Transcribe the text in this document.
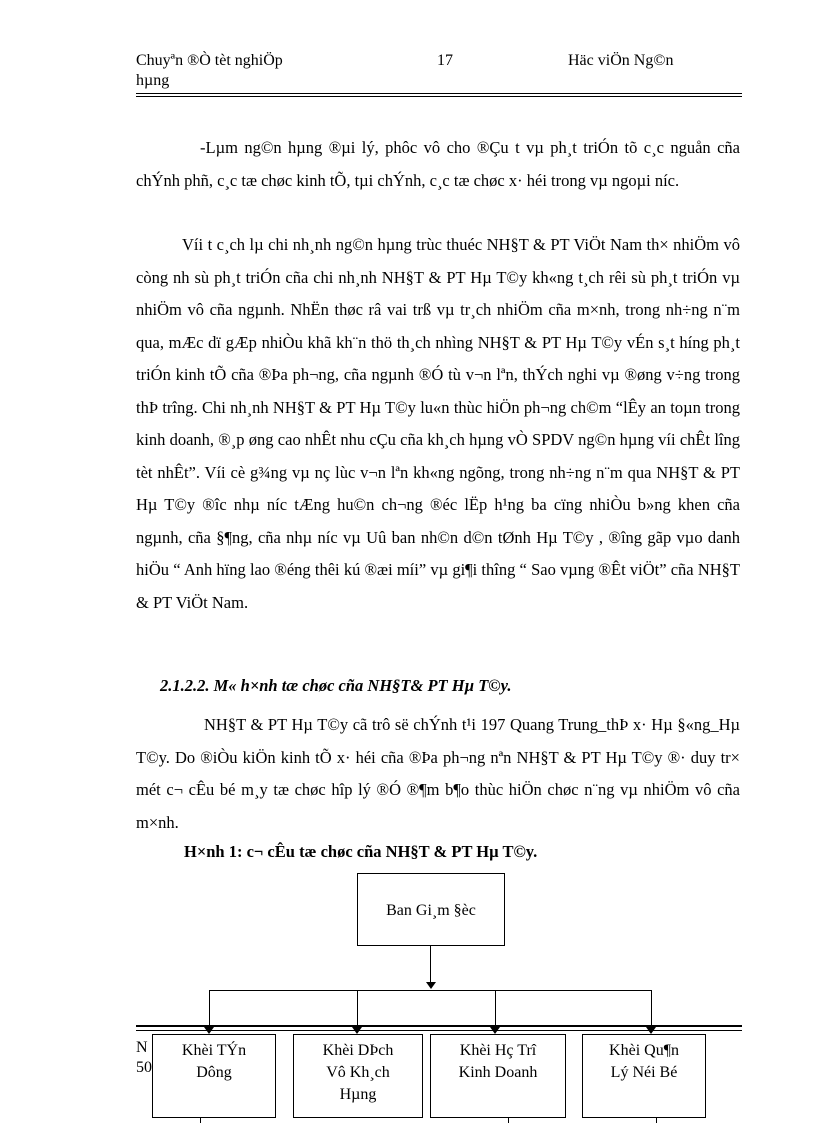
Chuyªn ®Ò tèt nghiÖp
hµng
17	Häc viÖn Ng©n

-Lµm ng©n hµng ®µi lý, phôc vô cho ®Çu t vµ ph¸t triÓn tõ c¸c nguån cña chÝnh phñ, c¸c tæ chøc kinh tÕ, tµi chÝnh, c¸c tæ chøc x· héi trong vµ ngoµi níc.

Víi t c¸ch lµ chi nh¸nh ng©n hµng trùc thuéc NH§T & PT ViÖt Nam th× nhiÖm vô còng nh sù ph¸t triÓn cña chi nh¸nh NH§T & PT Hµ T©y kh«ng t¸ch rêi sù ph¸t triÓn vµ nhiÖm vô cña ngµnh. NhËn thøc râ vai trß vµ tr¸ch nhiÖm cña m×nh, trong nh÷ng n¨m qua, mÆc dï gÆp nhiÒu khã kh¨n thö th¸ch nhìng NH§T & PT Hµ T©y vÉn s¸t híng ph¸t triÓn kinh tÕ cña ®Þa ph¬ng, cña ngµnh ®Ó tù v¬n lªn, thÝch nghi vµ ®øng v÷ng trong thÞ trîng. Chi nh¸nh NH§T & PT Hµ T©y lu«n thùc hiÖn ph¬ng ch©m “lÊy an toµn trong kinh doanh, ®¸p øng cao nhÊt nhu cÇu cña kh¸ch hµng vÒ SPDV ng©n hµng víi chÊt lîng tèt nhÊt”. Víi cè g¾ng vµ nç lùc v¬n lªn kh«ng ngõng, trong nh÷ng n¨m qua NH§T & PT Hµ T©y ®îc nhµ níc tÆng hu©n ch¬ng ®éc lËp h¹ng ba cïng nhiÒu b»ng khen cña ngµnh, cña §¶ng, cña nhµ níc vµ Uû ban nh©n d©n tØnh Hµ T©y , ®îng gãp vµo danh hiÖu “ Anh hïng lao ®éng thêi kú ®æi míi” vµ gi¶i thîng “ Sao vµng ®Êt viÖt” cña NH§T & PT ViÖt Nam.

2.1.2.2. M« h×nh tæ chøc cña NH§T& PT Hµ T©y.

NH§T & PT Hµ T©y cã trô së chÝnh t¹i 197 Quang Trung_thÞ x· Hµ §«ng_Hµ T©y. Do ®iÒu kiÖn kinh tÕ x· héi cña ®Þa ph¬ng nªn NH§T & PT Hµ T©y ®· duy tr× mét c¬ cÊu bé m¸y tæ chøc hîp lý ®Ó ®¶m b¶o thùc hiÖn chøc n¨ng vµ nhiÖm vô cña m×nh.

H×nh 1: c¬ cÊu tæ chøc cña NH§T & PT Hµ T©y.
Ban Gi¸m §èc
N
50
Khèi TÝn Dông
Khèi DÞch Vô Kh¸ch Hµng
Khèi Hç Trî Kinh Doanh
Khèi Qu¶n Lý Néi Bé
